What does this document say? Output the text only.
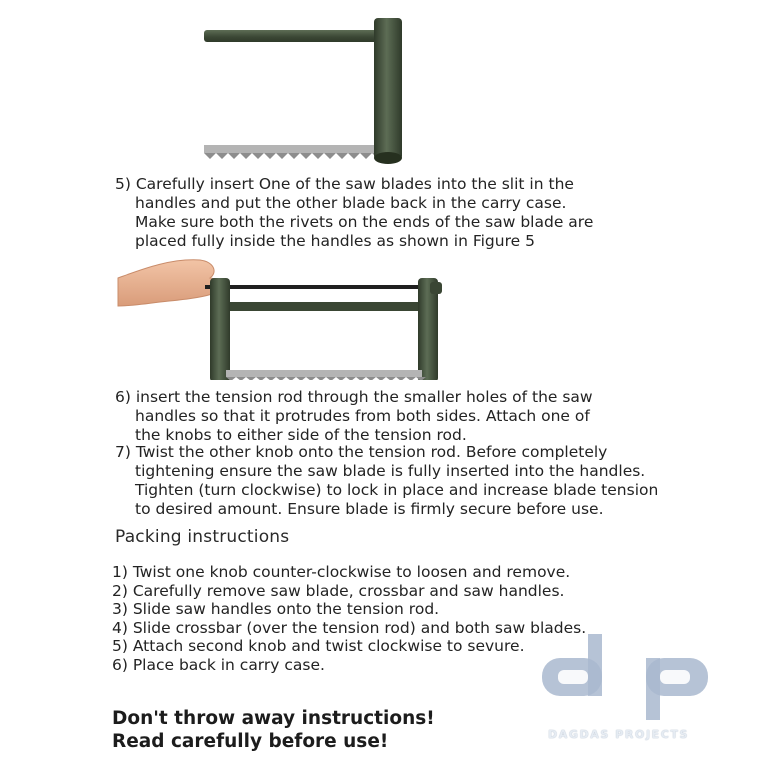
5) Carefully insert One of the saw blades into the slit in the
handles and put the other blade back in the carry case.
Make sure both the rivets on the ends of the saw blade are
placed fully inside the handles as shown in Figure 5
6) insert the tension rod through the smaller holes of the saw
handles so that it protrudes from both sides. Attach one of
the knobs to either side of the tension rod.
7) Twist the other knob onto the tension rod. Before completely
tightening ensure the saw blade is fully inserted into the handles.
Tighten (turn clockwise) to lock in place and increase blade tension
to desired amount. Ensure blade is firmly secure before use.
Packing instructions
1) Twist one knob counter-clockwise to loosen and remove.
2) Carefully remove saw blade, crossbar and saw handles.
3) Slide saw handles onto the tension rod.
4) Slide crossbar (over the tension rod) and both saw blades.
5) Attach second knob and twist clockwise to sevure.
6) Place back in carry case.
Don't throw away instructions!
Read carefully before use!	DAGDAS PROJECTS
